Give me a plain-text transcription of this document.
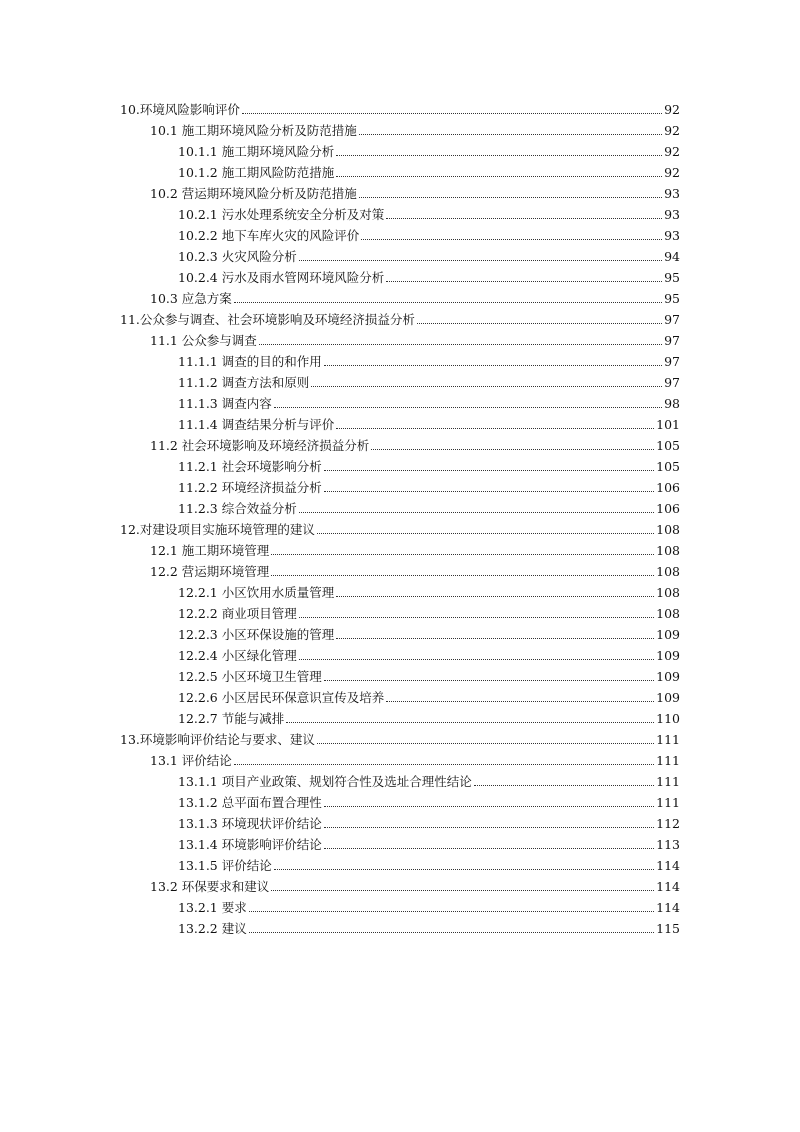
10.环境风险影响评价	92
10.1 施工期环境风险分析及防范措施	92
10.1.1 施工期环境风险分析	92
10.1.2 施工期风险防范措施	92
10.2 营运期环境风险分析及防范措施	93
10.2.1 污水处理系统安全分析及对策	93
10.2.2 地下车库火灾的风险评价	93
10.2.3 火灾风险分析	94
10.2.4 污水及雨水管网环境风险分析	95
10.3 应急方案	95
11.公众参与调查、社会环境影响及环境经济损益分析	97
11.1 公众参与调查	97
11.1.1 调查的目的和作用	97
11.1.2 调查方法和原则	97
11.1.3 调查内容	98
11.1.4 调查结果分析与评价	101
11.2 社会环境影响及环境经济损益分析	105
11.2.1 社会环境影响分析	105
11.2.2 环境经济损益分析	106
11.2.3 综合效益分析	106
12.对建设项目实施环境管理的建议	108
12.1 施工期环境管理	108
12.2 营运期环境管理	108
12.2.1 小区饮用水质量管理	108
12.2.2 商业项目管理	108
12.2.3 小区环保设施的管理	109
12.2.4 小区绿化管理	109
12.2.5 小区环境卫生管理	109
12.2.6 小区居民环保意识宣传及培养	109
12.2.7 节能与减排	110
13.环境影响评价结论与要求、建议	111
13.1 评价结论	111
13.1.1 项目产业政策、规划符合性及选址合理性结论	111
13.1.2 总平面布置合理性	111
13.1.3 环境现状评价结论	112
13.1.4 环境影响评价结论	113
13.1.5 评价结论	114
13.2 环保要求和建议	114
13.2.1 要求	114
13.2.2 建议	115
